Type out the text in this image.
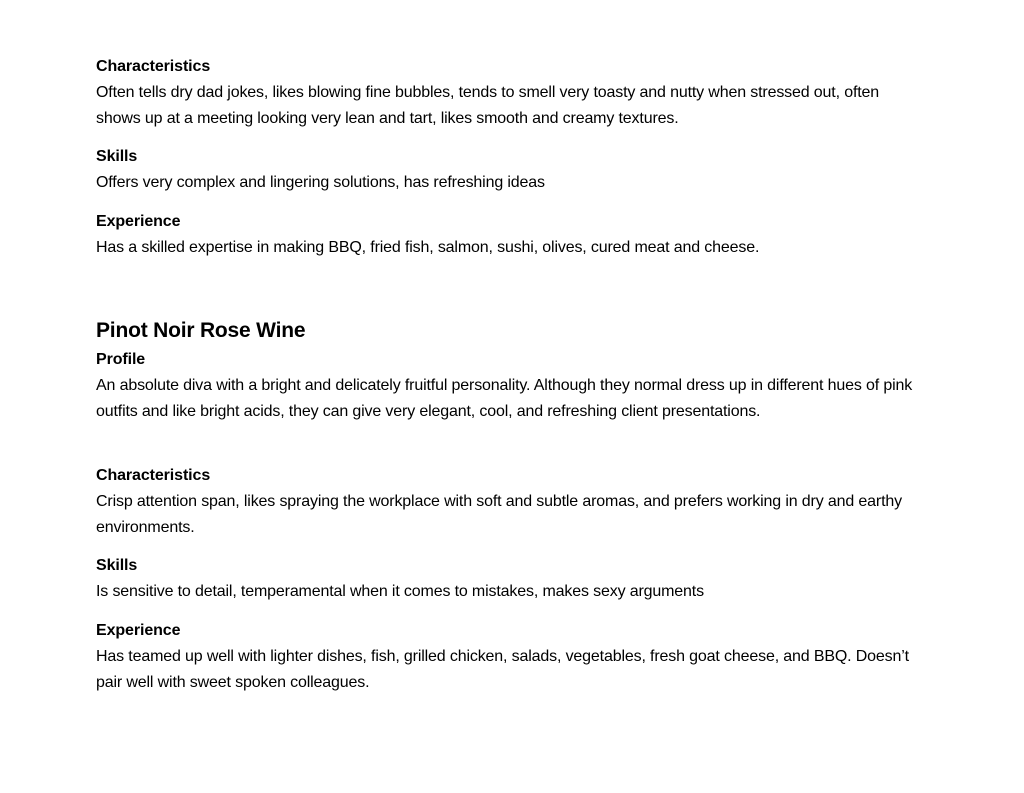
Characteristics

Often tells dry dad jokes, likes blowing fine bubbles, tends to smell very toasty and nutty when stressed out, often shows up at a meeting looking very lean and tart, likes smooth and creamy textures.

Skills

Offers very complex and lingering solutions, has refreshing ideas

Experience

Has a skilled expertise in making BBQ, fried fish, salmon, sushi, olives, cured meat and cheese.

Pinot Noir Rose Wine

Profile

An absolute diva with a bright and delicately fruitful personality. Although they normal dress up in different hues of pink outfits and like bright acids, they can give very elegant, cool, and refreshing client presentations.

Characteristics

Crisp attention span, likes spraying the workplace with soft and subtle aromas, and prefers working in dry and earthy environments.

Skills

Is sensitive to detail, temperamental when it comes to mistakes, makes sexy arguments

Experience

Has teamed up well with lighter dishes, fish, grilled chicken, salads, vegetables, fresh goat cheese, and BBQ. Doesn’t pair well with sweet spoken colleagues.
